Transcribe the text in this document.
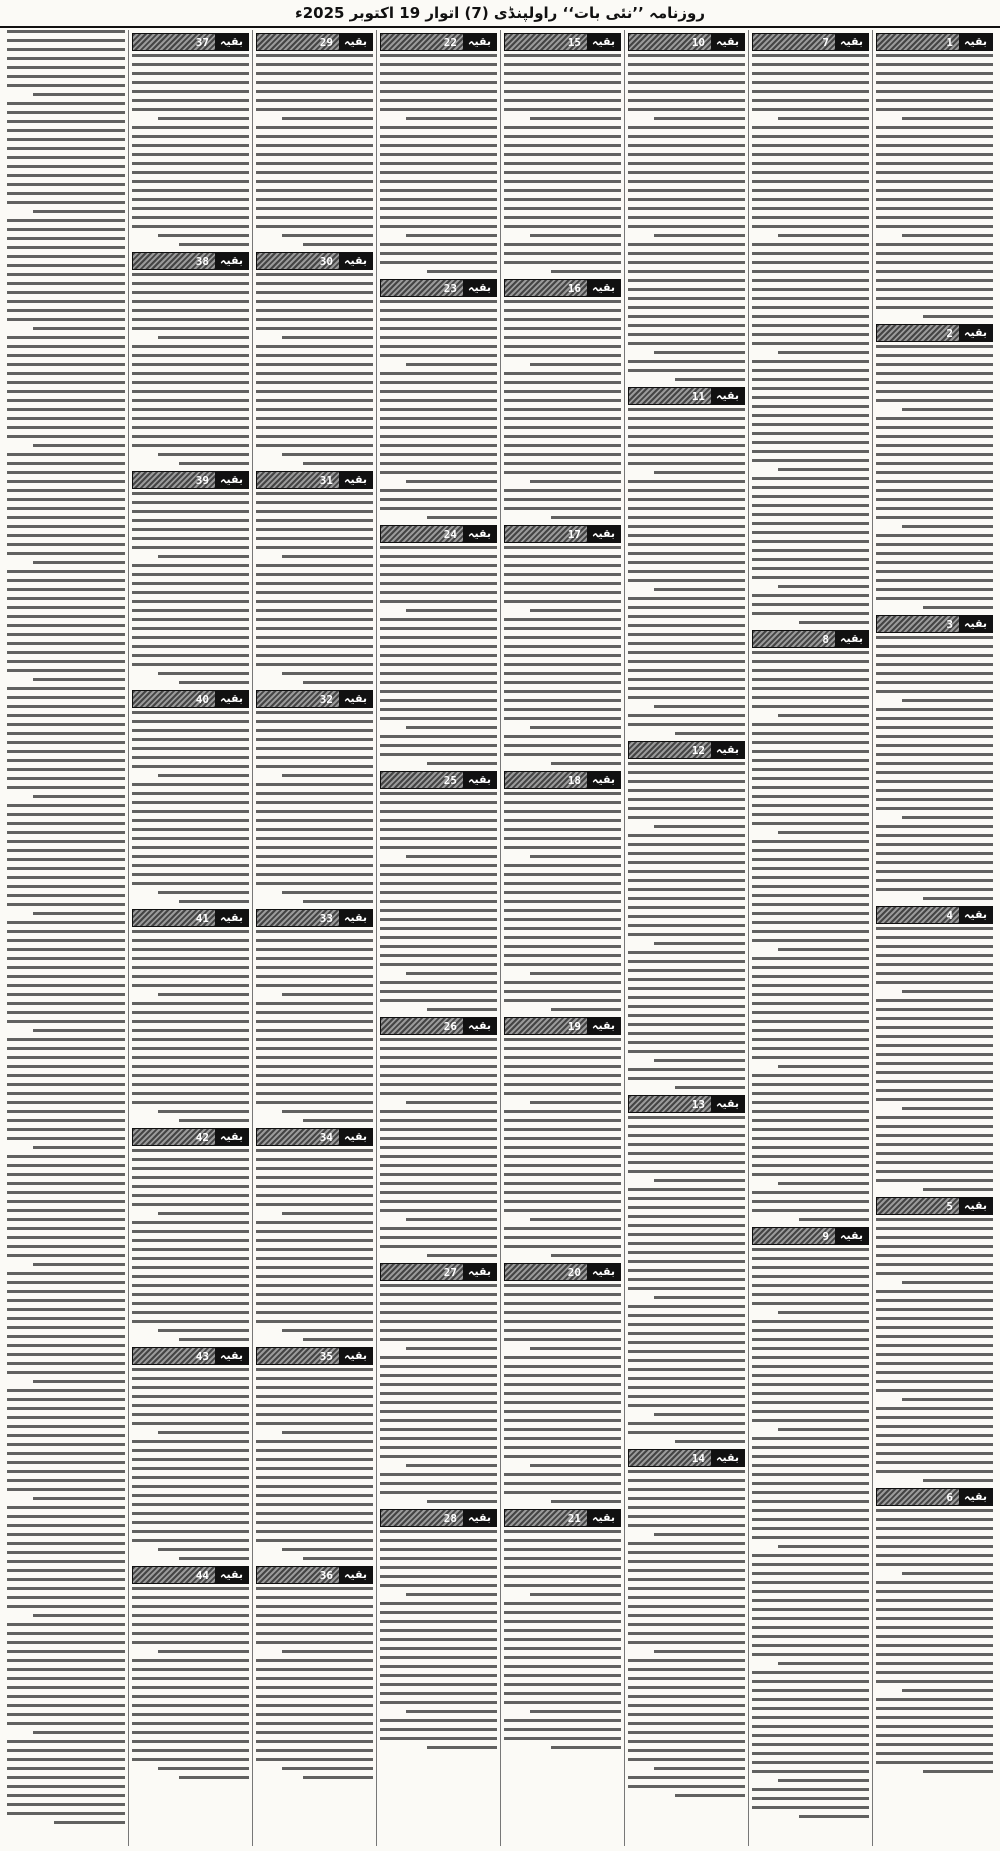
روزنامہ ’’نئی بات‘‘ راولپنڈی (7) اتوار 19 اکتوبر 2025ء
بقیہ
1
بقیہ
2
بقیہ
3
بقیہ
4
بقیہ
5
بقیہ
6
بقیہ
7
بقیہ
8
بقیہ
9
بقیہ
10
بقیہ
11
بقیہ
12
بقیہ
13
بقیہ
14
بقیہ
15
بقیہ
16
بقیہ
17
بقیہ
18
بقیہ
19
بقیہ
20
بقیہ
21
بقیہ
22
بقیہ
23
بقیہ
24
بقیہ
25
بقیہ
26
بقیہ
27
بقیہ
28
بقیہ
29
بقیہ
30
بقیہ
31
بقیہ
32
بقیہ
33
بقیہ
34
بقیہ
35
بقیہ
36
بقیہ
37
بقیہ
38
بقیہ
39
بقیہ
40
بقیہ
41
بقیہ
42
بقیہ
43
بقیہ
44
